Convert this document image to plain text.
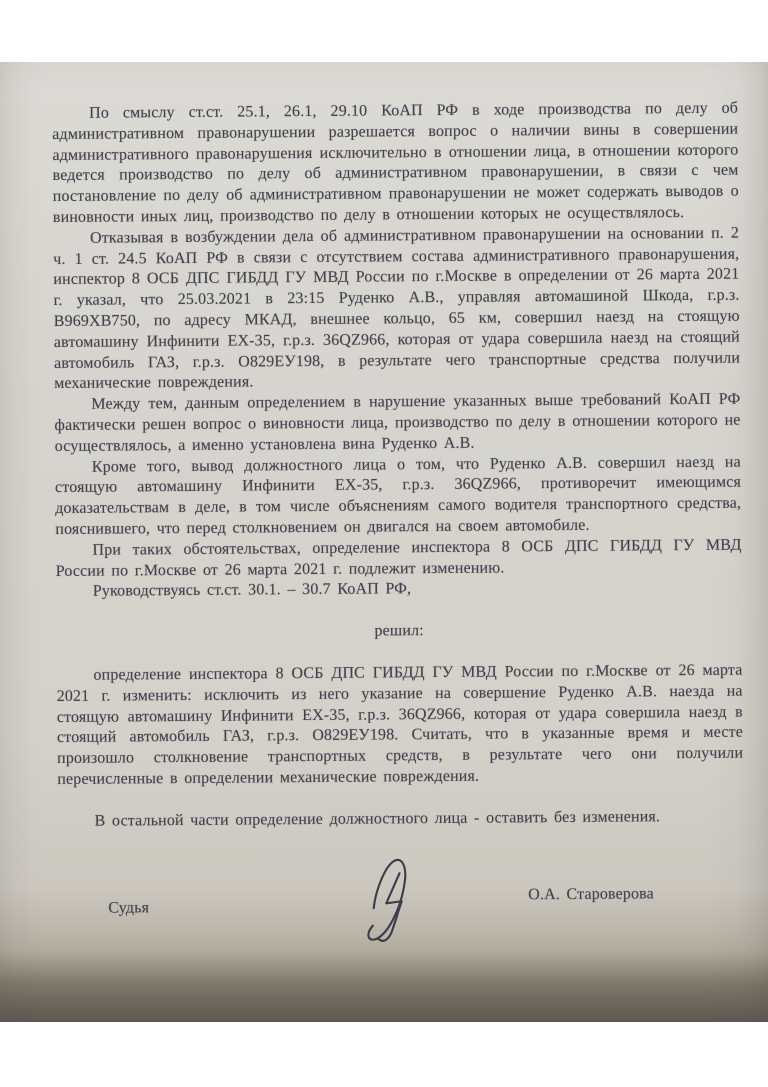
По смыслу ст.ст. 25.1, 26.1, 29.10 КоАП РФ в ходе производства по делу об административном правонарушении разрешается вопрос о наличии вины в совершении административного правонарушения исключительно в отношении лица, в отношении которого ведется производство по делу об административном правонарушении, в связи с чем постановление по делу об административном правонарушении не может содержать выводов о виновности иных лиц, производство по делу в отношении которых не осуществлялось.

Отказывая в возбуждении дела об административном правонарушении на основании п. 2 ч. 1 ст. 24.5 КоАП РФ в связи с отсутствием состава административного правонарушения, инспектор 8 ОСБ ДПС ГИБДД ГУ МВД России по г.Москве в определении от 26 марта 2021 г. указал, что 25.03.2021 в 23:15 Руденко А.В., управляя автомашиной Шкода, г.р.з. В969ХВ750, по адресу МКАД, внешнее кольцо, 65 км, совершил наезд на стоящую автомашину Инфинити ЕХ-35, г.р.з. 36QZ966, которая от удара совершила наезд на стоящий автомобиль ГАЗ, г.р.з. О829ЕУ198, в результате чего транспортные средства получили механические повреждения.

Между тем, данным определением в нарушение указанных выше требований КоАП РФ фактически решен вопрос о виновности лица, производство по делу в отношении которого не осуществлялось, а именно установлена вина Руденко А.В.

Кроме того, вывод должностного лица о том, что Руденко А.В. совершил наезд на стоящую автомашину Инфинити ЕХ-35, г.р.з. 36QZ966, противоречит имеющимся доказательствам в деле, в том числе объяснениям самого водителя транспортного средства, пояснившего, что перед столкновением он двигался на своем автомобиле.

При таких обстоятельствах, определение инспектора 8 ОСБ ДПС ГИБДД ГУ МВД России по г.Москве от 26 марта 2021 г. подлежит изменению.

Руководствуясь ст.ст. 30.1. – 30.7 КоАП РФ,

решил:

определение инспектора 8 ОСБ ДПС ГИБДД ГУ МВД России по г.Москве от 26 марта 2021 г. изменить: исключить из него указание на совершение Руденко А.В. наезда на стоящую автомашину Инфинити ЕХ-35, г.р.з. 36QZ966, которая от удара совершила наезд в стоящий автомобиль ГАЗ, г.р.з. О829ЕУ198. Считать, что в указанные время и месте произошло столкновение транспортных средств, в результате чего они получили перечисленные в определении механические повреждения.

В остальной части определение должностного лица - оставить без изменения.

Судья
О.А. Староверова
